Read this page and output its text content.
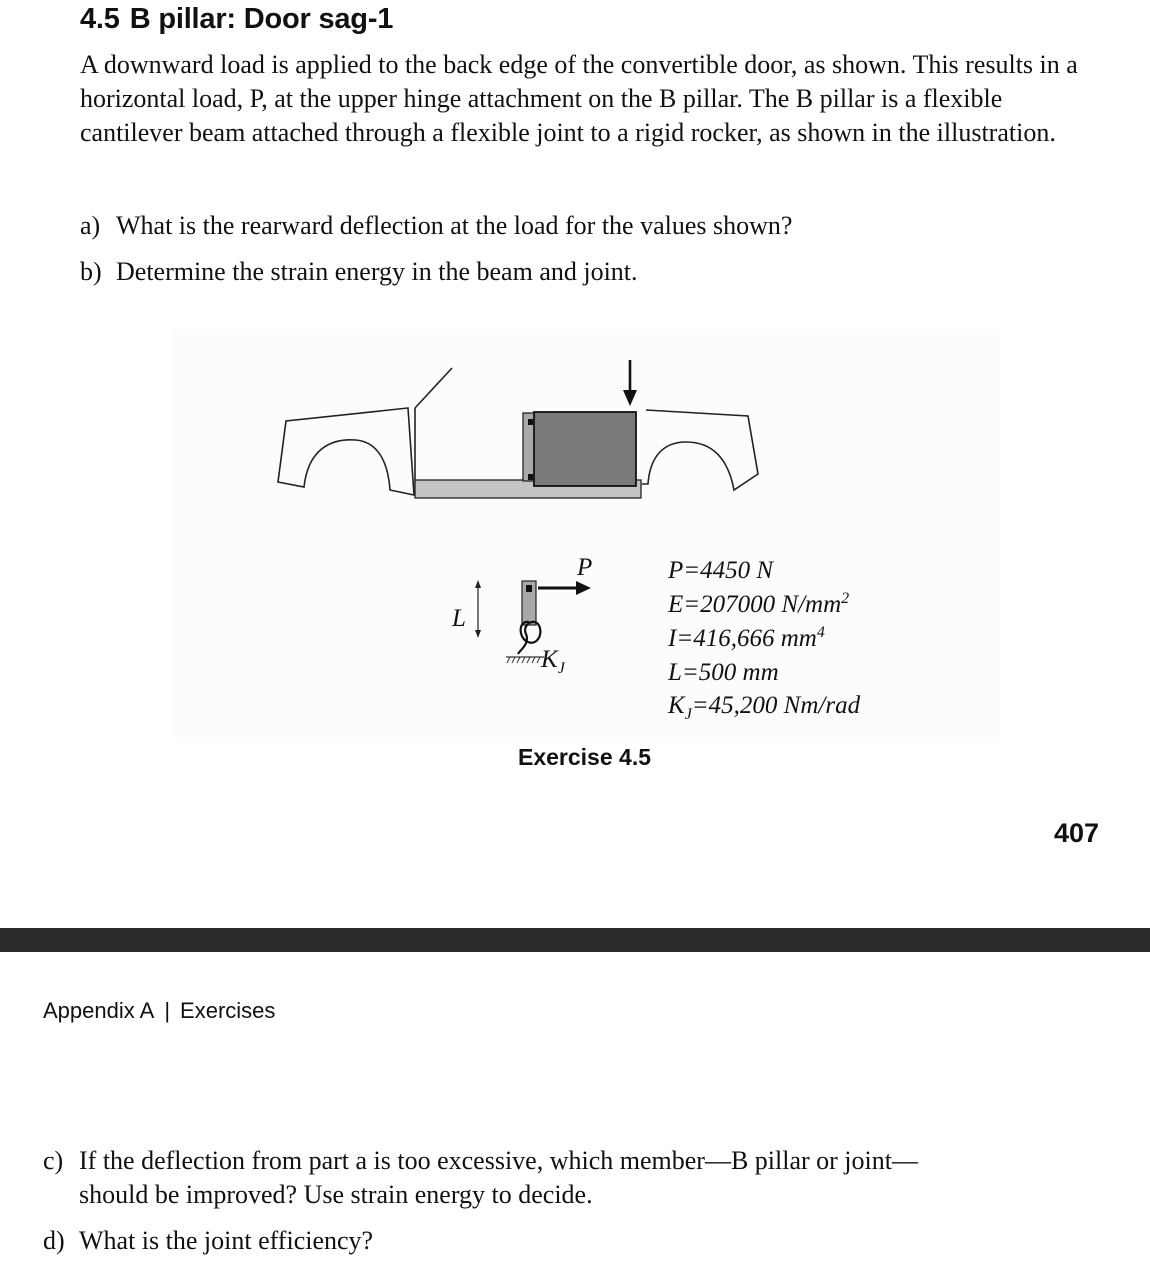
4.5 B pillar: Door sag-1
A downward load is applied to the back edge of the convertible door, as shown. This results in a horizontal load, P, at the upper hinge attachment on the B pillar. The B pillar is a flexible cantilever beam attached through a flexible joint to a rigid rocker, as shown in the illustration.
a) What is the rearward deflection at the load for the values shown?
b) Determine the strain energy in the beam and joint.
L
P
$K_J$
P=4450 N
E=207000 $N/mm^2$
I=416,666 $mm^4$
L=500 mm
$K_J=45,200$ Nm/rad
Exercise 4.5
407
Appendix A | Exercises
c) If the deflection from part a is too excessive, which member—B pillar or joint—
should be improved? Use strain energy to decide.
d) What is the joint efficiency?
